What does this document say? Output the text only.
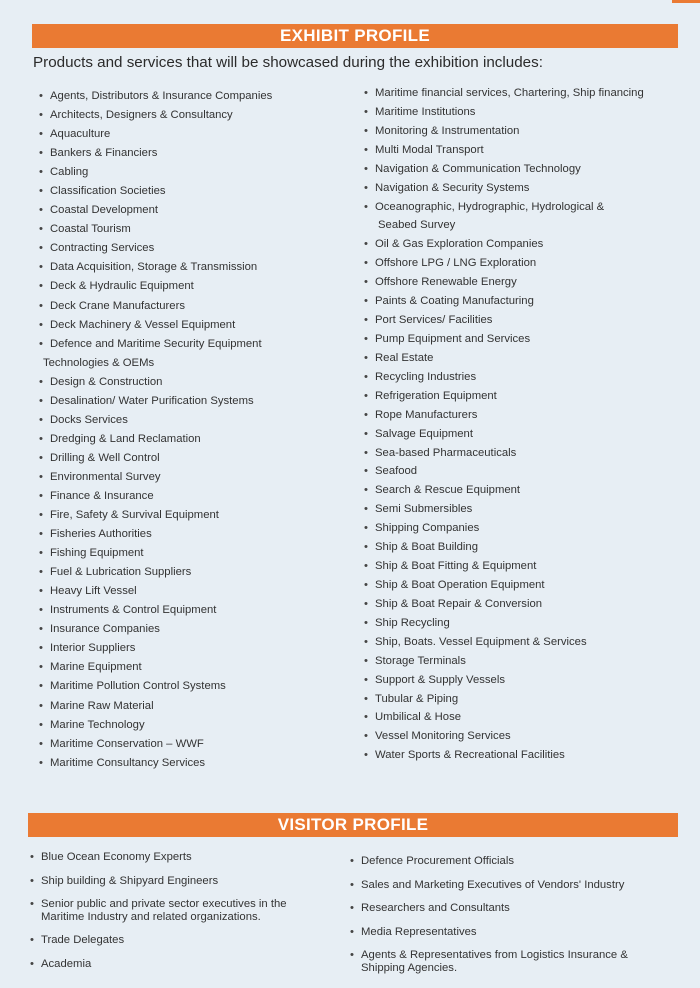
EXHIBIT PROFILE
Products and services that will be showcased during the exhibition includes:
• Agents, Distributors & Insurance Companies
• Architects, Designers & Consultancy
• Aquaculture
• Bankers & Financiers
• Cabling
• Classification Societies
• Coastal Development
• Coastal Tourism
• Contracting Services
• Data Acquisition, Storage & Transmission
• Deck & Hydraulic Equipment
• Deck Crane Manufacturers
• Deck Machinery & Vessel Equipment
• Defence and Maritime Security Equipment
Technologies & OEMs
• Design & Construction
• Desalination/ Water Purification Systems
• Docks Services
• Dredging & Land Reclamation
• Drilling & Well Control
• Environmental Survey
• Finance & Insurance
• Fire, Safety & Survival Equipment
• Fisheries Authorities
• Fishing Equipment
• Fuel & Lubrication Suppliers
• Heavy Lift Vessel
• Instruments & Control Equipment
• Insurance Companies
• Interior Suppliers
• Marine Equipment
• Maritime Pollution Control Systems
• Marine Raw Material
• Marine Technology
• Maritime Conservation – WWF
• Maritime Consultancy Services
• Maritime financial services, Chartering, Ship financing
• Maritime Institutions
• Monitoring & Instrumentation
• Multi Modal Transport
• Navigation & Communication Technology
• Navigation & Security Systems
• Oceanographic, Hydrographic, Hydrological &
Seabed Survey
• Oil & Gas Exploration Companies
• Offshore LPG / LNG Exploration
• Offshore Renewable Energy
• Paints & Coating Manufacturing
• Port Services/ Facilities
• Pump Equipment and Services
• Real Estate
• Recycling Industries
• Refrigeration Equipment
• Rope Manufacturers
• Salvage Equipment
• Sea-based Pharmaceuticals
• Seafood
• Search & Rescue Equipment
• Semi Submersibles
• Shipping Companies
• Ship & Boat Building
• Ship & Boat Fitting & Equipment
• Ship & Boat Operation Equipment
• Ship & Boat Repair & Conversion
• Ship Recycling
• Ship, Boats. Vessel Equipment & Services
• Storage Terminals
• Support & Supply Vessels
• Tubular & Piping
• Umbilical & Hose
• Vessel Monitoring Services
• Water Sports & Recreational Facilities
VISITOR PROFILE
• Blue Ocean Economy Experts
• Ship building & Shipyard Engineers
• Senior public and private sector executives in the Maritime Industry and related organizations.
• Trade Delegates
• Academia
• Defence Procurement Officials
• Sales and Marketing Executives of Vendors' Industry
• Researchers and Consultants
• Media Representatives
• Agents & Representatives from Logistics Insurance & Shipping Agencies.
